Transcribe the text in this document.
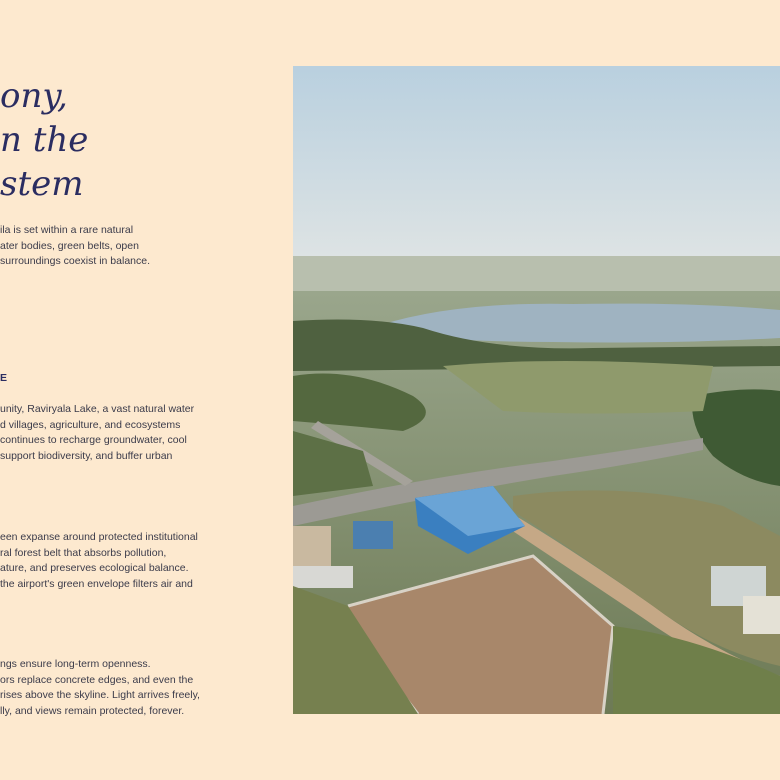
ony,
n the
stem
ila is set within a rare natural
ater bodies, green belts, open
surroundings coexist in balance.
E
unity, Raviryala Lake, a vast natural water
d villages, agriculture, and ecosystems
continues to recharge groundwater, cool
support biodiversity, and buffer urban
een expanse around protected institutional
ral forest belt that absorbs pollution,
ature, and preserves ecological balance.
the airport's green envelope filters air and
ngs ensure long-term openness.
ors replace concrete edges, and even the
rises above the skyline. Light arrives freely,
lly, and views remain protected, forever.
